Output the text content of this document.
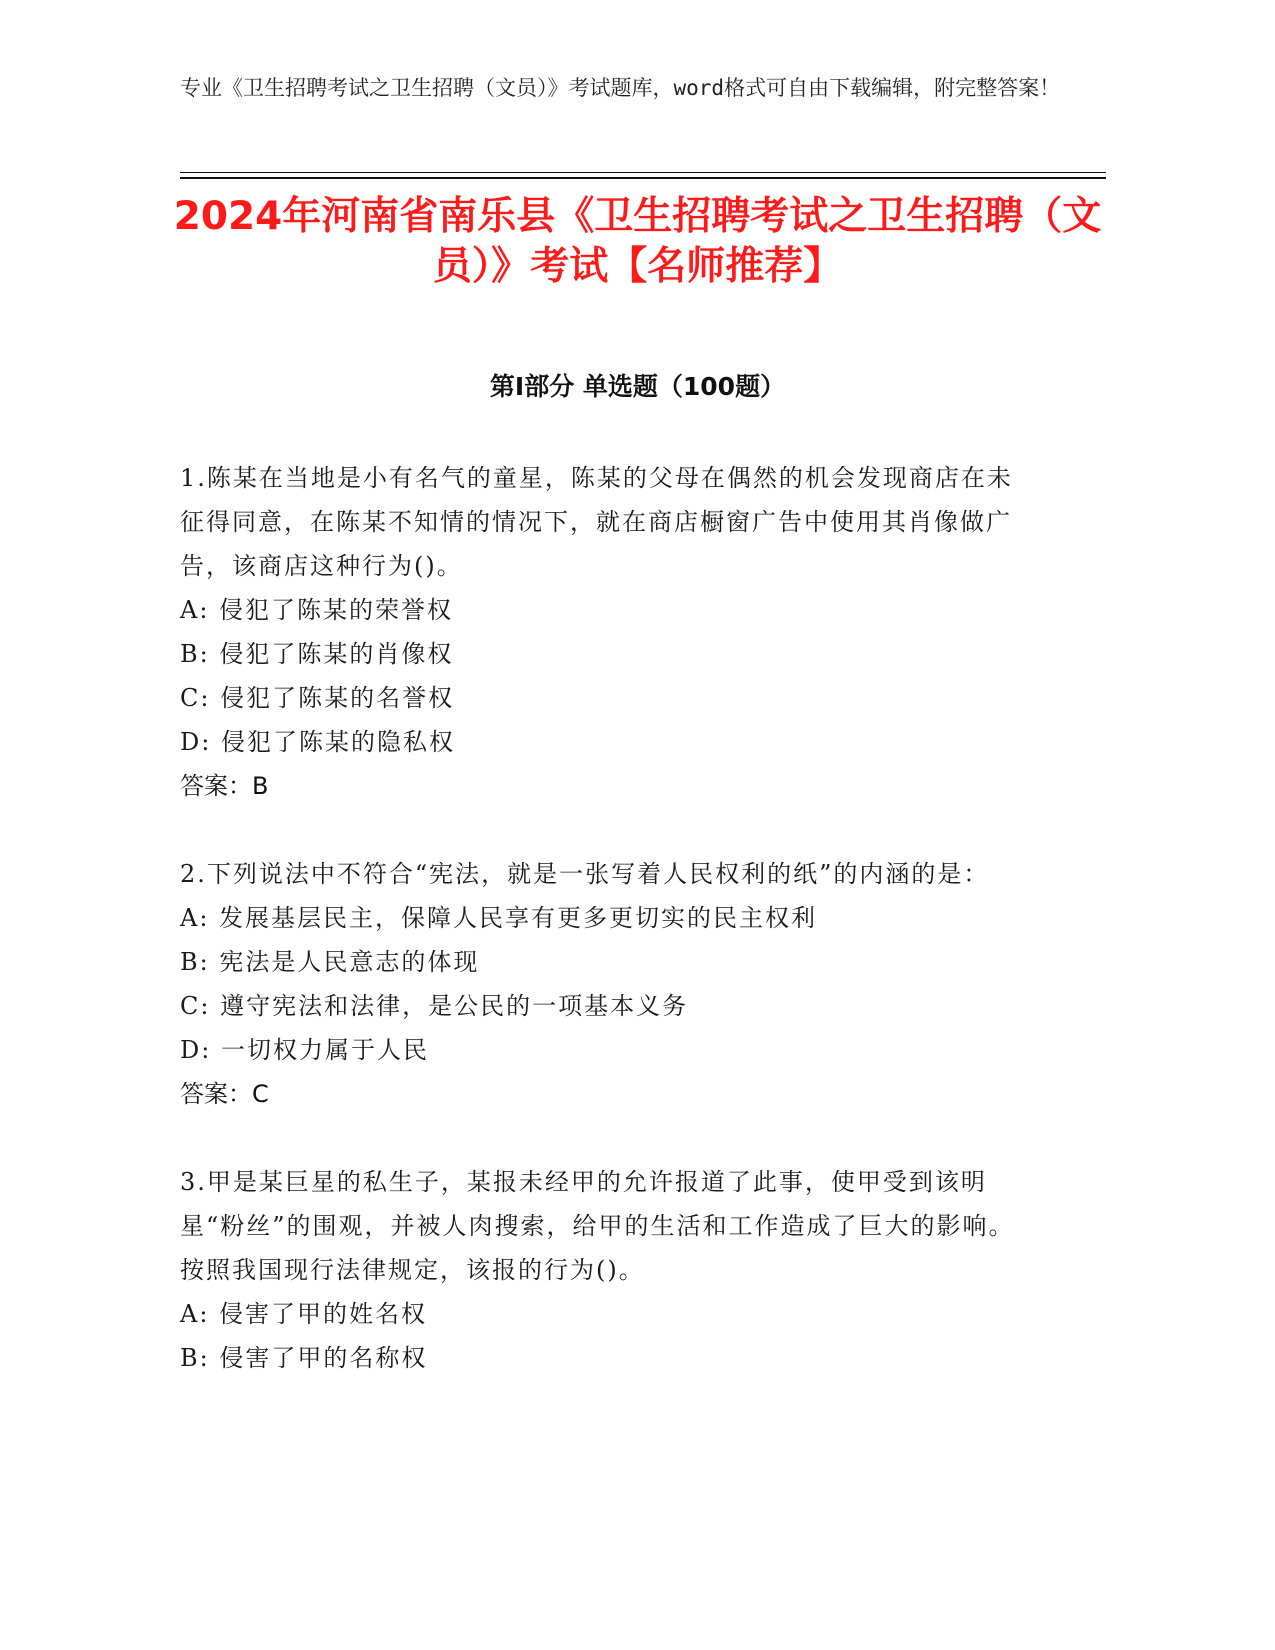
专业《卫生招聘考试之卫生招聘（文员）》考试题库，word格式可自由下载编辑，附完整答案！
2024年河南省南乐县《卫生招聘考试之卫生招聘（文员）》考试【名师推荐】
第I部分 单选题（100题）
1.陈某在当地是小有名气的童星，陈某的父母在偶然的机会发现商店在未征得同意，在陈某不知情的情况下，就在商店橱窗广告中使用其肖像做广告，该商店这种行为()。
A: 侵犯了陈某的荣誉权
B: 侵犯了陈某的肖像权
C: 侵犯了陈某的名誉权
D: 侵犯了陈某的隐私权
答案：B
2.下列说法中不符合“宪法，就是一张写着人民权利的纸”的内涵的是：
A: 发展基层民主，保障人民享有更多更切实的民主权利
B: 宪法是人民意志的体现
C: 遵守宪法和法律，是公民的一项基本义务
D: 一切权力属于人民
答案：C
3.甲是某巨星的私生子，某报未经甲的允许报道了此事，使甲受到该明星“粉丝”的围观，并被人肉搜索，给甲的生活和工作造成了巨大的影响。按照我国现行法律规定，该报的行为()。
A: 侵害了甲的姓名权
B: 侵害了甲的名称权
